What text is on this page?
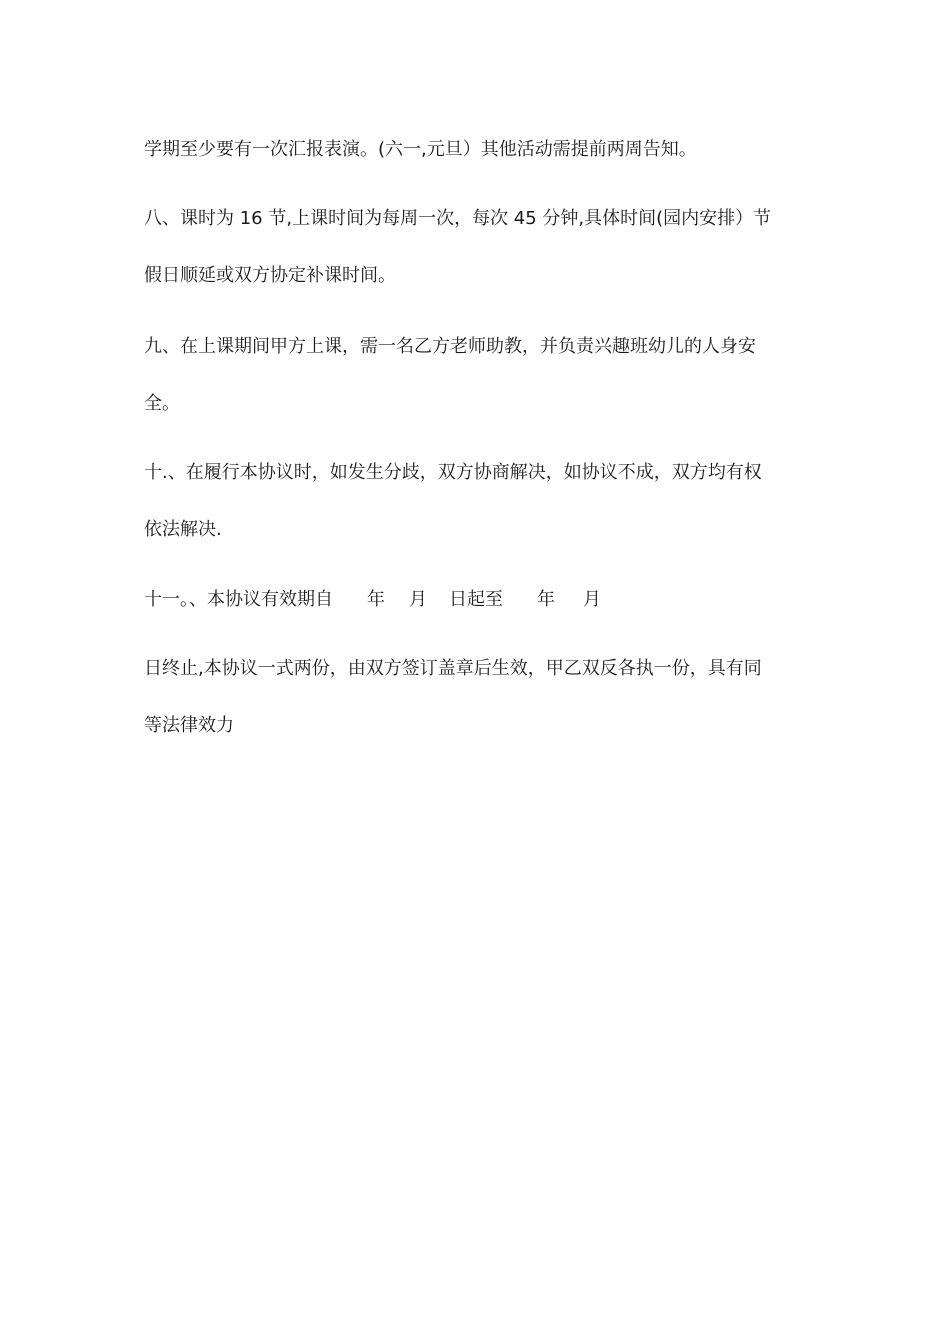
学期至少要有一次汇报表演。(六一,元旦）其他活动需提前两周告知。
八、课时为 16 节,上课时间为每周一次，每次 45 分钟,具体时间(园内安排）节
假日顺延或双方协定补课时间。
九、在上课期间甲方上课，需一名乙方老师助教，并负责兴趣班幼儿的人身安
全。
十.、在履行本协议时，如发生分歧，双方协商解决，如协议不成，双方均有权
依法解决.
十一。、本协议有效期自 年 月 日起至 年 月
日终止,本协议一式两份，由双方签订盖章后生效，甲乙双反各执一份，具有同
等法律效力
